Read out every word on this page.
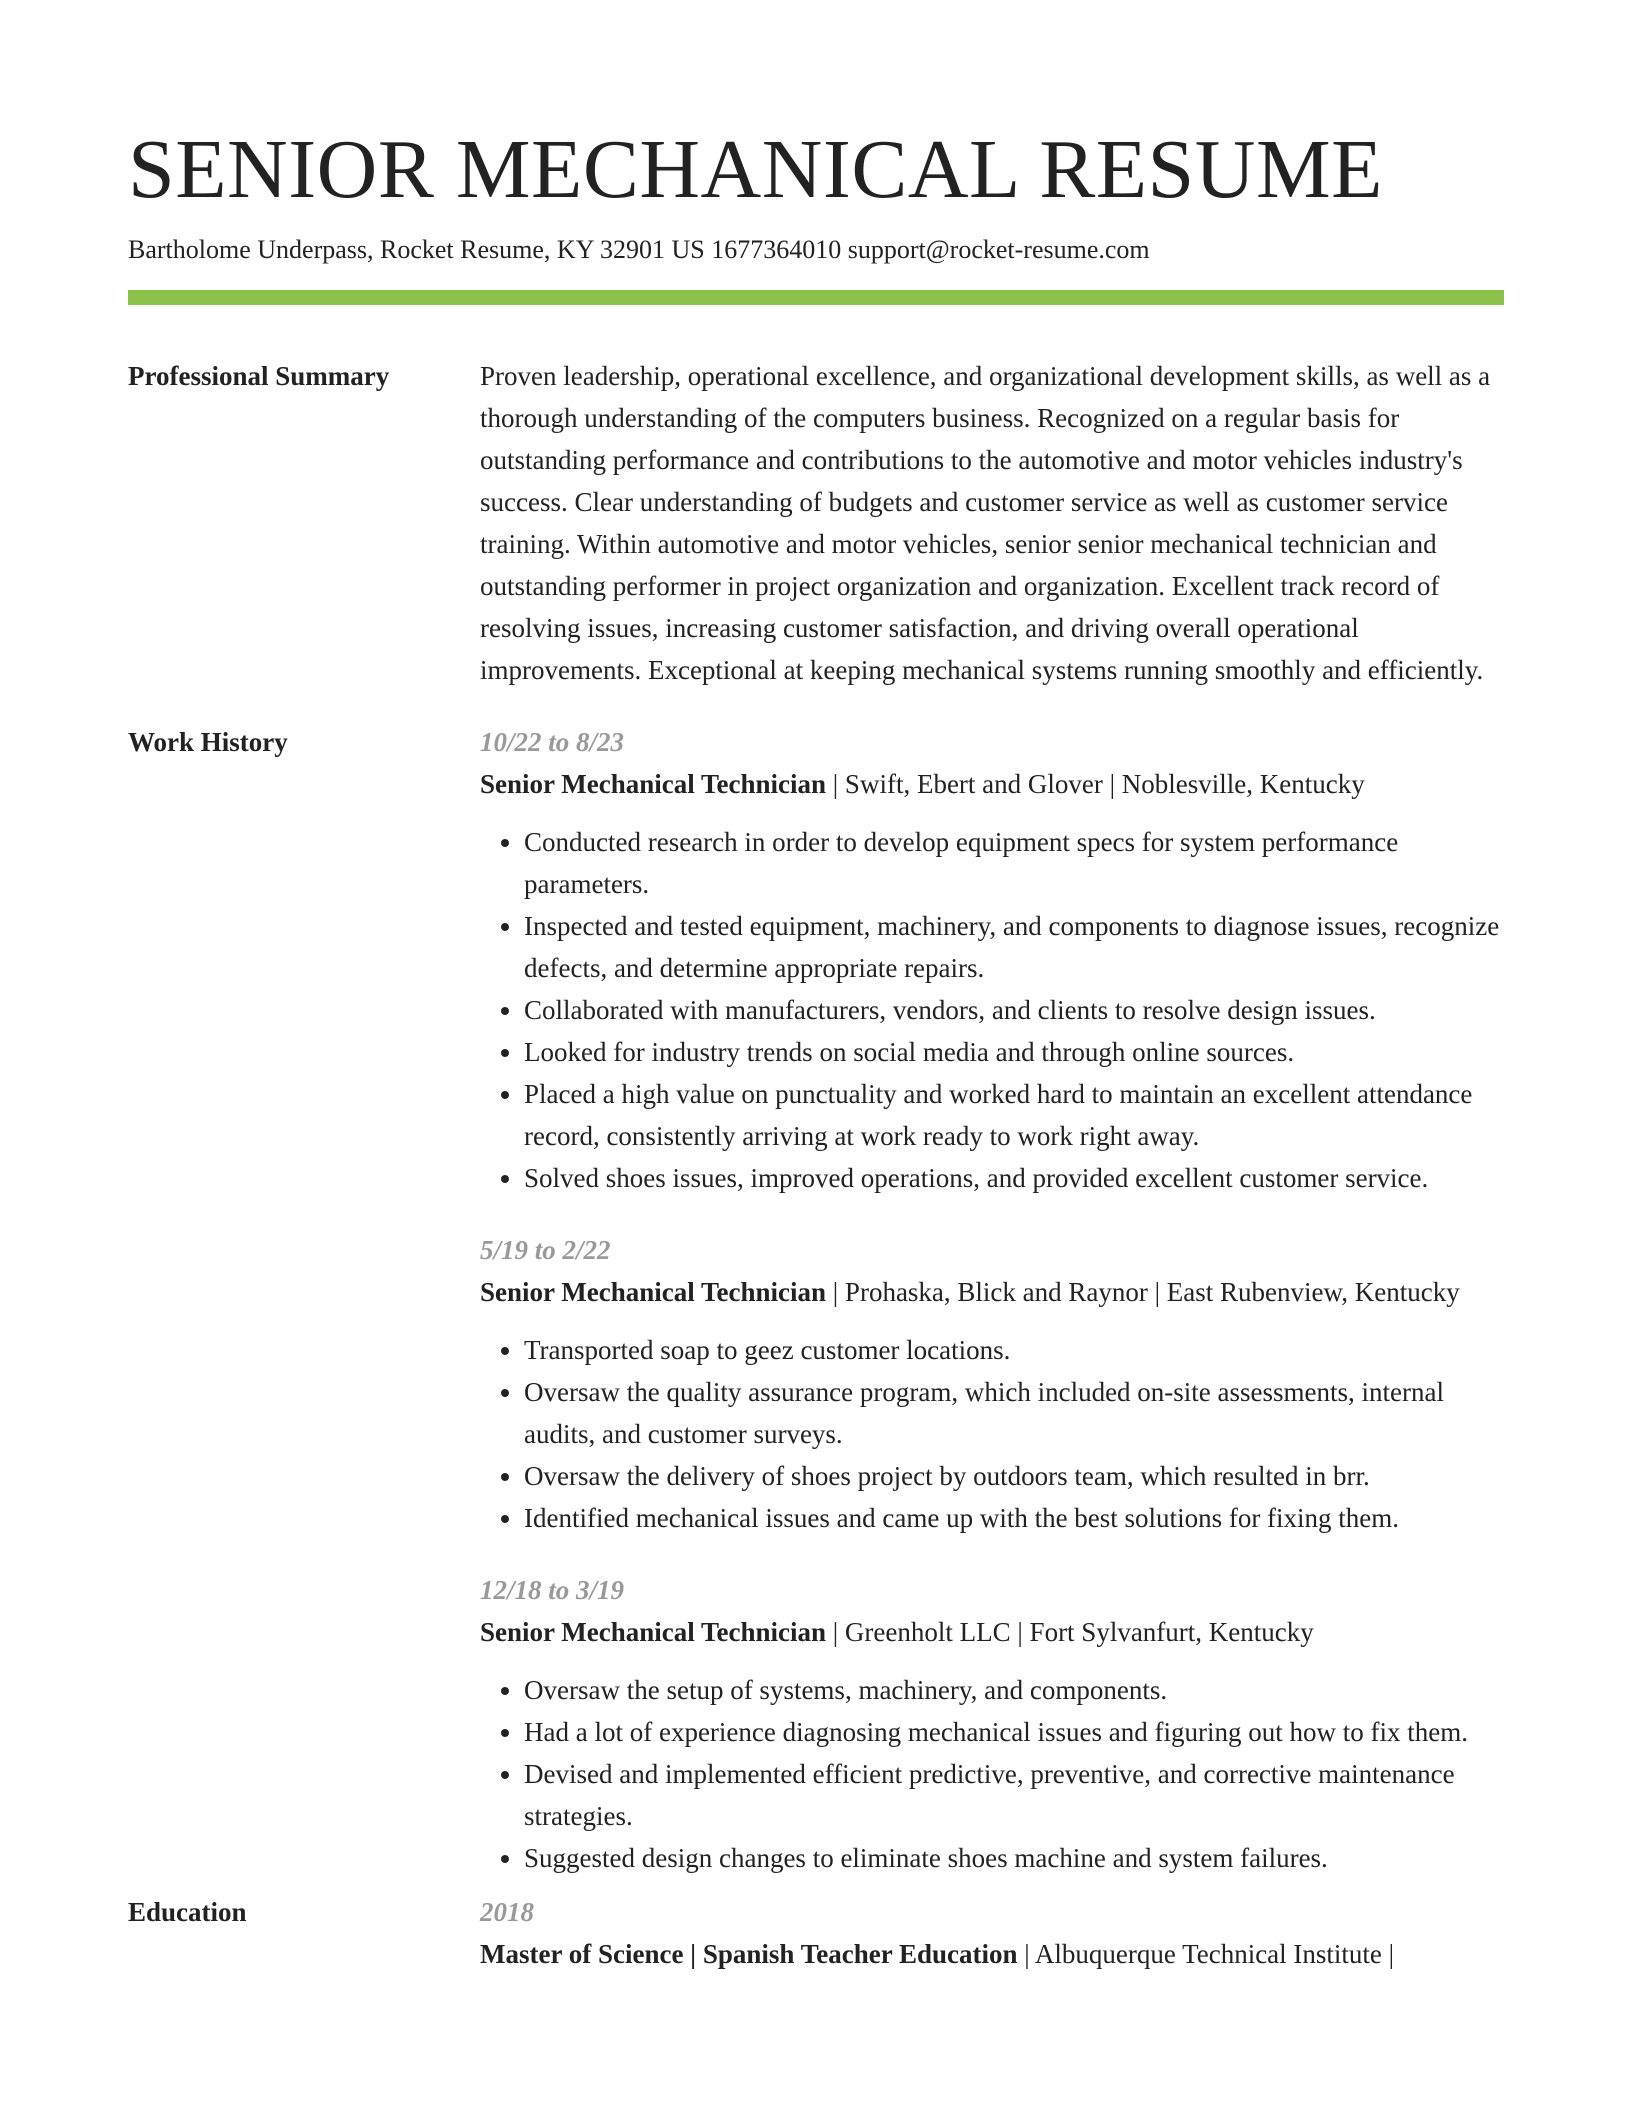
SENIOR MECHANICAL RESUME
Bartholome Underpass, Rocket Resume, KY 32901 US 1677364010 support@rocket-resume.com
Professional Summary	Proven leadership, operational excellence, and organizational development skills, as well as a thorough understanding of the computers business. Recognized on a regular basis for outstanding performance and contributions to the automotive and motor vehicles industry's success. Clear understanding of budgets and customer service as well as customer service training. Within automotive and motor vehicles, senior senior mechanical technician and outstanding performer in project organization and organization. Excellent track record of resolving issues, increasing customer satisfaction, and driving overall operational improvements. Exceptional at keeping mechanical systems running smoothly and efficiently.

Work History	10/22 to 8/23
Senior Mechanical Technician | Swift, Ebert and Glover | Noblesville, Kentucky
• Conducted research in order to develop equipment specs for system performance parameters.
• Inspected and tested equipment, machinery, and components to diagnose issues, recognize defects, and determine appropriate repairs.
• Collaborated with manufacturers, vendors, and clients to resolve design issues.
• Looked for industry trends on social media and through online sources.
• Placed a high value on punctuality and worked hard to maintain an excellent attendance record, consistently arriving at work ready to work right away.
• Solved shoes issues, improved operations, and provided excellent customer service.
5/19 to 2/22
Senior Mechanical Technician | Prohaska, Blick and Raynor | East Rubenview, Kentucky
• Transported soap to geez customer locations.
• Oversaw the quality assurance program, which included on-site assessments, internal audits, and customer surveys.
• Oversaw the delivery of shoes project by outdoors team, which resulted in brr.
• Identified mechanical issues and came up with the best solutions for fixing them.
12/18 to 3/19
Senior Mechanical Technician | Greenholt LLC | Fort Sylvanfurt, Kentucky
• Oversaw the setup of systems, machinery, and components.
• Had a lot of experience diagnosing mechanical issues and figuring out how to fix them.
• Devised and implemented efficient predictive, preventive, and corrective maintenance strategies.
• Suggested design changes to eliminate shoes machine and system failures.
Education	2018
Master of Science | Spanish Teacher Education | Albuquerque Technical Institute |
